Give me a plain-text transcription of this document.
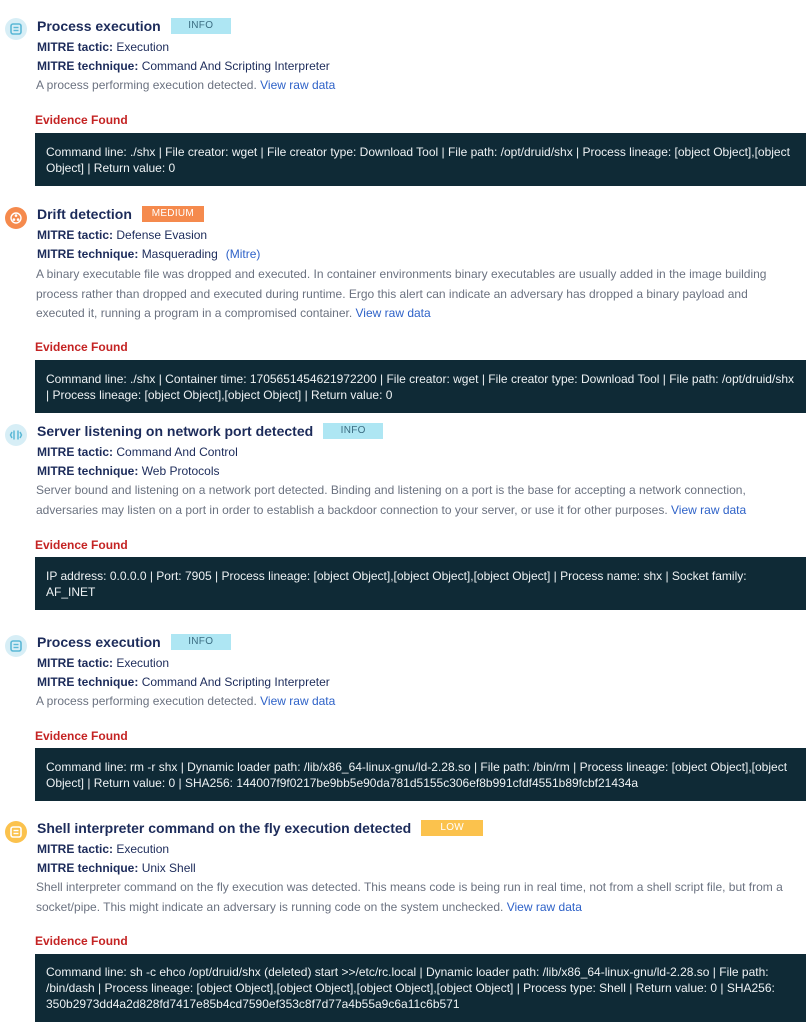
Process execution	INFO
MITRE tactic: Execution
MITRE technique: Command And Scripting Interpreter
A process performing execution detected. View raw data
Evidence Found
Command line: ./shx | File creator: wget | File creator type: Download Tool | File path: /opt/druid/shx | Process lineage: [object Object],[object Object] | Return value: 0
Drift detection	MEDIUM
MITRE tactic: Defense Evasion
MITRE technique: Masquerading (Mitre)
A binary executable file was dropped and executed. In container environments binary executables are usually added in the image building process rather than dropped and executed during runtime. Ergo this alert can indicate an adversary has dropped a binary payload and executed it, running a program in a compromised container. View raw data
Evidence Found
Command line: ./shx | Container time: 1705651454621972200 | File creator: wget | File creator type: Download Tool | File path: /opt/druid/shx | Process lineage: [object Object],[object Object] | Return value: 0
Server listening on network port detected	INFO
MITRE tactic: Command And Control
MITRE technique: Web Protocols
Server bound and listening on a network port detected. Binding and listening on a port is the base for accepting a network connection, adversaries may listen on a port in order to establish a backdoor connection to your server, or use it for other purposes. View raw data
Evidence Found
IP address: 0.0.0.0 | Port: 7905 | Process lineage: [object Object],[object Object],[object Object] | Process name: shx | Socket family: AF_INET
Process execution	INFO
MITRE tactic: Execution
MITRE technique: Command And Scripting Interpreter
A process performing execution detected. View raw data
Evidence Found
Command line: rm -r shx | Dynamic loader path: /lib/x86_64-linux-gnu/ld-2.28.so | File path: /bin/rm | Process lineage: [object Object],[object Object] | Return value: 0 | SHA256: 144007f9f0217be9bb5e90da781d5155c306ef8b991cfdf4551b89fcbf21434a
Shell interpreter command on the fly execution detected	LOW
MITRE tactic: Execution
MITRE technique: Unix Shell
Shell interpreter command on the fly execution was detected. This means code is being run in real time, not from a shell script file, but from a socket/pipe. This might indicate an adversary is running code on the system unchecked. View raw data
Evidence Found
Command line: sh -c ehco /opt/druid/shx (deleted) start >>/etc/rc.local | Dynamic loader path: /lib/x86_64-linux-gnu/ld-2.28.so | File path: /bin/dash | Process lineage: [object Object],[object Object],[object Object],[object Object] | Process type: Shell | Return value: 0 | SHA256: 350b2973dd4a2d828fd7417e85b4cd7590ef353c8f7d77a4b55a9c6a11c6b571
